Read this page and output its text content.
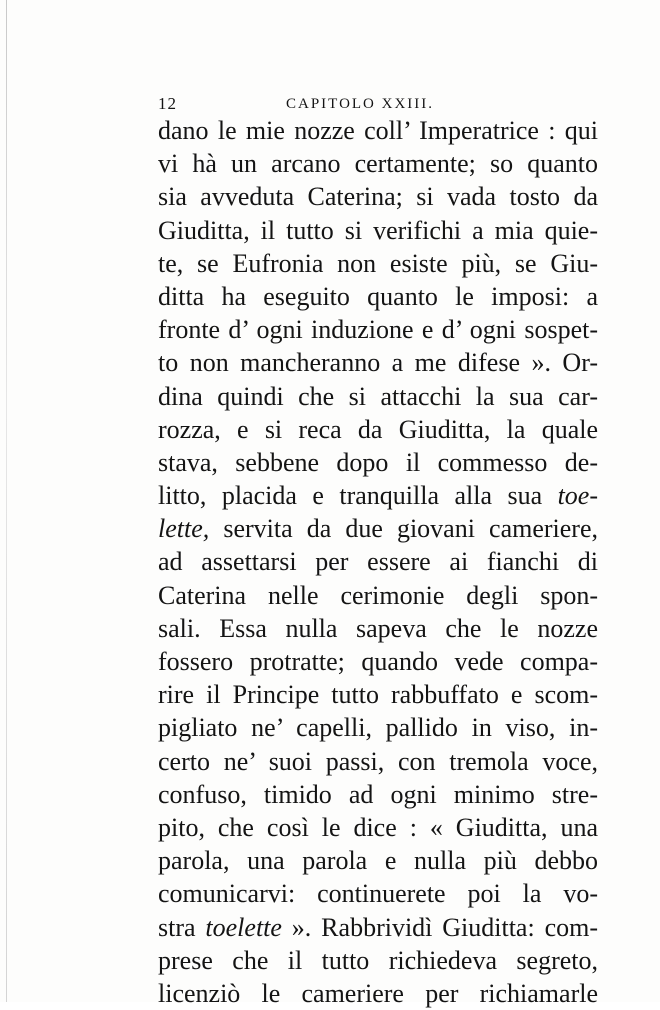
12	CAPITOLO XXIII.
dano le mie nozze coll’ Imperatrice : qui
vi hà un arcano certamente; so quanto
sia avveduta Caterina; si vada tosto da
Giuditta, il tutto si verifichi a mia quie-
te, se Eufronia non esiste più, se Giu-
ditta ha eseguito quanto le imposi: a
fronte d’ ogni induzione e d’ ogni sospet-
to non mancheranno a me difese ». Or-
dina quindi che si attacchi la sua car-
rozza, e si reca da Giuditta, la quale
stava, sebbene dopo il commesso de-
litto, placida e tranquilla alla sua toe-
lette, servita da due giovani cameriere,
ad assettarsi per essere ai fianchi di
Caterina nelle cerimonie degli spon-
sali. Essa nulla sapeva che le nozze
fossero protratte; quando vede compa-
rire il Principe tutto rabbuffato e scom-
pigliato ne’ capelli, pallido in viso, in-
certo ne’ suoi passi, con tremola voce,
confuso, timido ad ogni minimo stre-
pito, che così le dice : « Giuditta, una
parola, una parola e nulla più debbo
comunicarvi: continuerete poi la vo-
stra toelette ». Rabbrividì Giuditta: com-
prese che il tutto richiedeva segreto,
licenziò le cameriere per richiamarle
